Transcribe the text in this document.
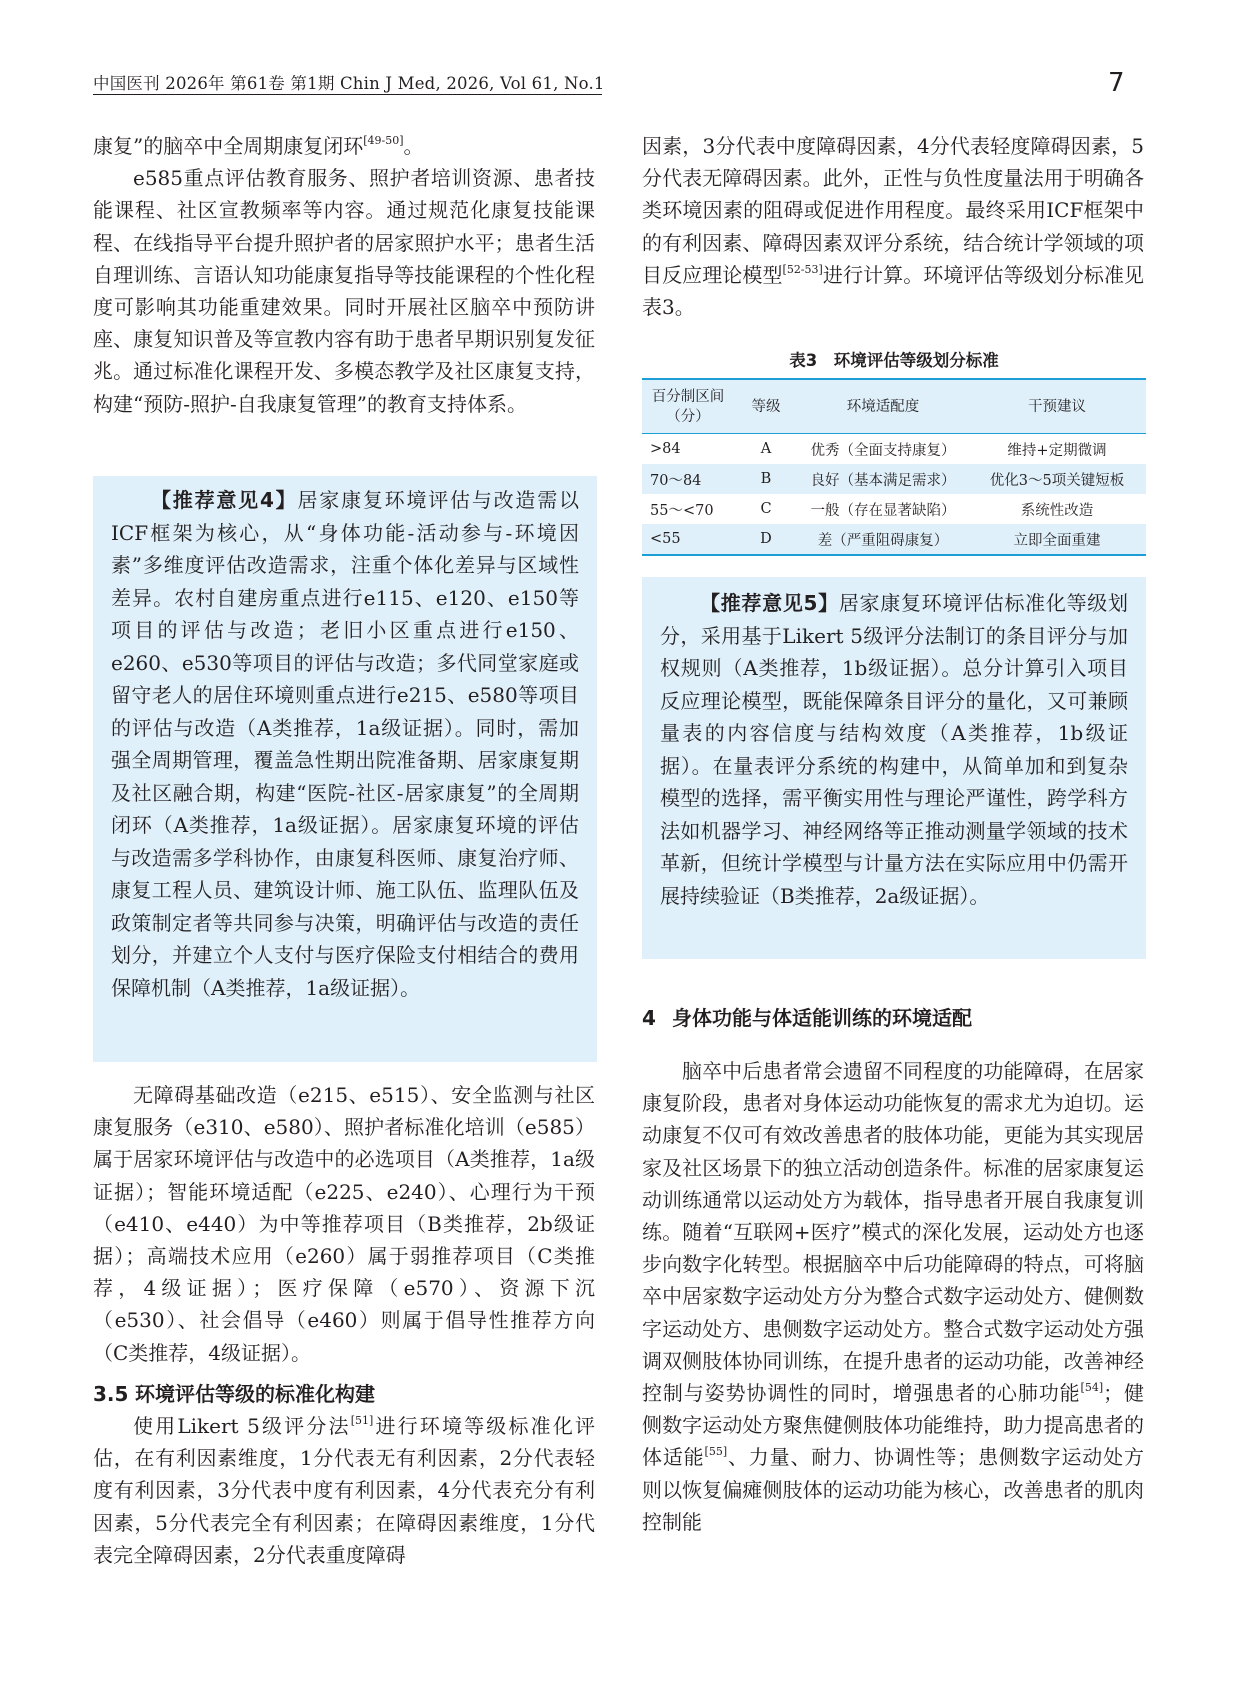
中国医刊 2026年 第61卷 第1期 Chin J Med, 2026, Vol 61, No.1	7

康复”的脑卒中全周期康复闭环[49-50]。

e585重点评估教育服务、照护者培训资源、患者技能课程、社区宣教频率等内容。通过规范化康复技能课程、在线指导平台提升照护者的居家照护水平；患者生活自理训练、言语认知功能康复指导等技能课程的个性化程度可影响其功能重建效果。同时开展社区脑卒中预防讲座、康复知识普及等宣教内容有助于患者早期识别复发征兆。通过标准化课程开发、多模态教学及社区康复支持，构建“预防-照护-自我康复管理”的教育支持体系。

【推荐意见4】居家康复环境评估与改造需以ICF框架为核心，从“身体功能-活动参与-环境因素”多维度评估改造需求，注重个体化差异与区域性差异。农村自建房重点进行e115、e120、e150等项目的评估与改造；老旧小区重点进行e150、e260、e530等项目的评估与改造；多代同堂家庭或留守老人的居住环境则重点进行e215、e580等项目的评估与改造（A类推荐，1a级证据）。同时，需加强全周期管理，覆盖急性期出院准备期、居家康复期及社区融合期，构建“医院-社区-居家康复”的全周期闭环（A类推荐，1a级证据）。居家康复环境的评估与改造需多学科协作，由康复科医师、康复治疗师、康复工程人员、建筑设计师、施工队伍、监理队伍及政策制定者等共同参与决策，明确评估与改造的责任划分，并建立个人支付与医疗保险支付相结合的费用保障机制（A类推荐，1a级证据）。

无障碍基础改造（e215、e515）、安全监测与社区康复服务（e310、e580）、照护者标准化培训（e585）属于居家环境评估与改造中的必选项目（A类推荐，1a级证据）；智能环境适配（e225、e240）、心理行为干预（e410、e440）为中等推荐项目（B类推荐，2b级证据）；高端技术应用（e260）属于弱推荐项目（C类推荐，4级证据）；医疗保障（e570）、资源下沉（e530）、社会倡导（e460）则属于倡导性推荐方向（C类推荐，4级证据）。

3.5 环境评估等级的标准化构建

使用Likert 5级评分法[51]进行环境等级标准化评估，在有利因素维度，1分代表无有利因素，2分代表轻度有利因素，3分代表中度有利因素，4分代表充分有利因素，5分代表完全有利因素；在障碍因素维度，1分代表完全障碍因素，2分代表重度障碍

因素，3分代表中度障碍因素，4分代表轻度障碍因素，5分代表无障碍因素。此外，正性与负性度量法用于明确各类环境因素的阻碍或促进作用程度。最终采用ICF框架中的有利因素、障碍因素双评分系统，结合统计学领域的项目反应理论模型[52-53]进行计算。环境评估等级划分标准见表3。

表3　环境评估等级划分标准
百分制区间（分）	等级	环境适配度	干预建议
>84	A	优秀（全面支持康复）	维持+定期微调
70～84	B	良好（基本满足需求）	优化3～5项关键短板
55～<70	C	一般（存在显著缺陷）	系统性改造
<55	D	差（严重阻碍康复）	立即全面重建

【推荐意见5】居家康复环境评估标准化等级划分，采用基于Likert 5级评分法制订的条目评分与加权规则（A类推荐，1b级证据）。总分计算引入项目反应理论模型，既能保障条目评分的量化，又可兼顾量表的内容信度与结构效度（A类推荐，1b级证据）。在量表评分系统的构建中，从简单加和到复杂模型的选择，需平衡实用性与理论严谨性，跨学科方法如机器学习、神经网络等正推动测量学领域的技术革新，但统计学模型与计量方法在实际应用中仍需开展持续验证（B类推荐，2a级证据）。

4 身体功能与体适能训练的环境适配

脑卒中后患者常会遗留不同程度的功能障碍，在居家康复阶段，患者对身体运动功能恢复的需求尤为迫切。运动康复不仅可有效改善患者的肢体功能，更能为其实现居家及社区场景下的独立活动创造条件。标准的居家康复运动训练通常以运动处方为载体，指导患者开展自我康复训练。随着“互联网+医疗”模式的深化发展，运动处方也逐步向数字化转型。根据脑卒中后功能障碍的特点，可将脑卒中居家数字运动处方分为整合式数字运动处方、健侧数字运动处方、患侧数字运动处方。整合式数字运动处方强调双侧肢体协同训练，在提升患者的运动功能，改善神经控制与姿势协调性的同时，增强患者的心肺功能[54]；健侧数字运动处方聚焦健侧肢体功能维持，助力提高患者的体适能[55]、力量、耐力、协调性等；患侧数字运动处方则以恢复偏瘫侧肢体的运动功能为核心，改善患者的肌肉控制能
